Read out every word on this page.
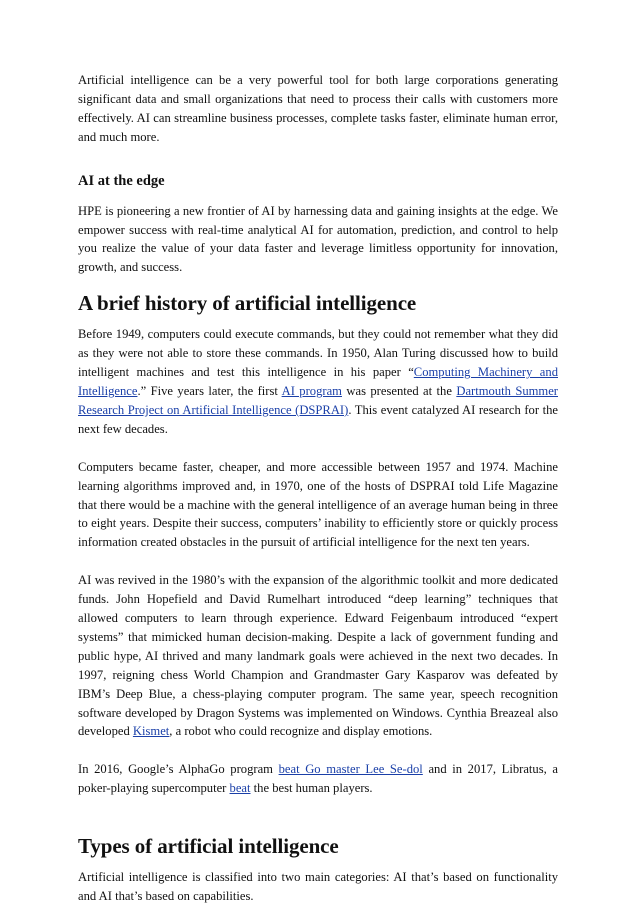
Artificial intelligence can be a very powerful tool for both large corporations generating significant data and small organizations that need to process their calls with customers more effectively. AI can streamline business processes, complete tasks faster, eliminate human error, and much more.

AI at the edge

HPE is pioneering a new frontier of AI by harnessing data and gaining insights at the edge. We empower success with real-time analytical AI for automation, prediction, and control to help you realize the value of your data faster and leverage limitless opportunity for innovation, growth, and success.

A brief history of artificial intelligence

Before 1949, computers could execute commands, but they could not remember what they did as they were not able to store these commands. In 1950, Alan Turing discussed how to build intelligent machines and test this intelligence in his paper “Computing Machinery and Intelligence.” Five years later, the first AI program was presented at the Dartmouth Summer Research Project on Artificial Intelligence (DSPRAI). This event catalyzed AI research for the next few decades.

Computers became faster, cheaper, and more accessible between 1957 and 1974. Machine learning algorithms improved and, in 1970, one of the hosts of DSPRAI told Life Magazine that there would be a machine with the general intelligence of an average human being in three to eight years. Despite their success, computers’ inability to efficiently store or quickly process information created obstacles in the pursuit of artificial intelligence for the next ten years.

AI was revived in the 1980’s with the expansion of the algorithmic toolkit and more dedicated funds. John Hopefield and David Rumelhart introduced “deep learning” techniques that allowed computers to learn through experience. Edward Feigenbaum introduced “expert systems” that mimicked human decision-making. Despite a lack of government funding and public hype, AI thrived and many landmark goals were achieved in the next two decades. In 1997, reigning chess World Champion and Grandmaster Gary Kasparov was defeated by IBM’s Deep Blue, a chess-playing computer program. The same year, speech recognition software developed by Dragon Systems was implemented on Windows. Cynthia Breazeal also developed Kismet, a robot who could recognize and display emotions.

In 2016, Google’s AlphaGo program beat Go master Lee Se-dol and in 2017, Libratus, a poker-playing supercomputer beat the best human players.

Types of artificial intelligence

Artificial intelligence is classified into two main categories: AI that’s based on functionality and AI that’s based on capabilities.
